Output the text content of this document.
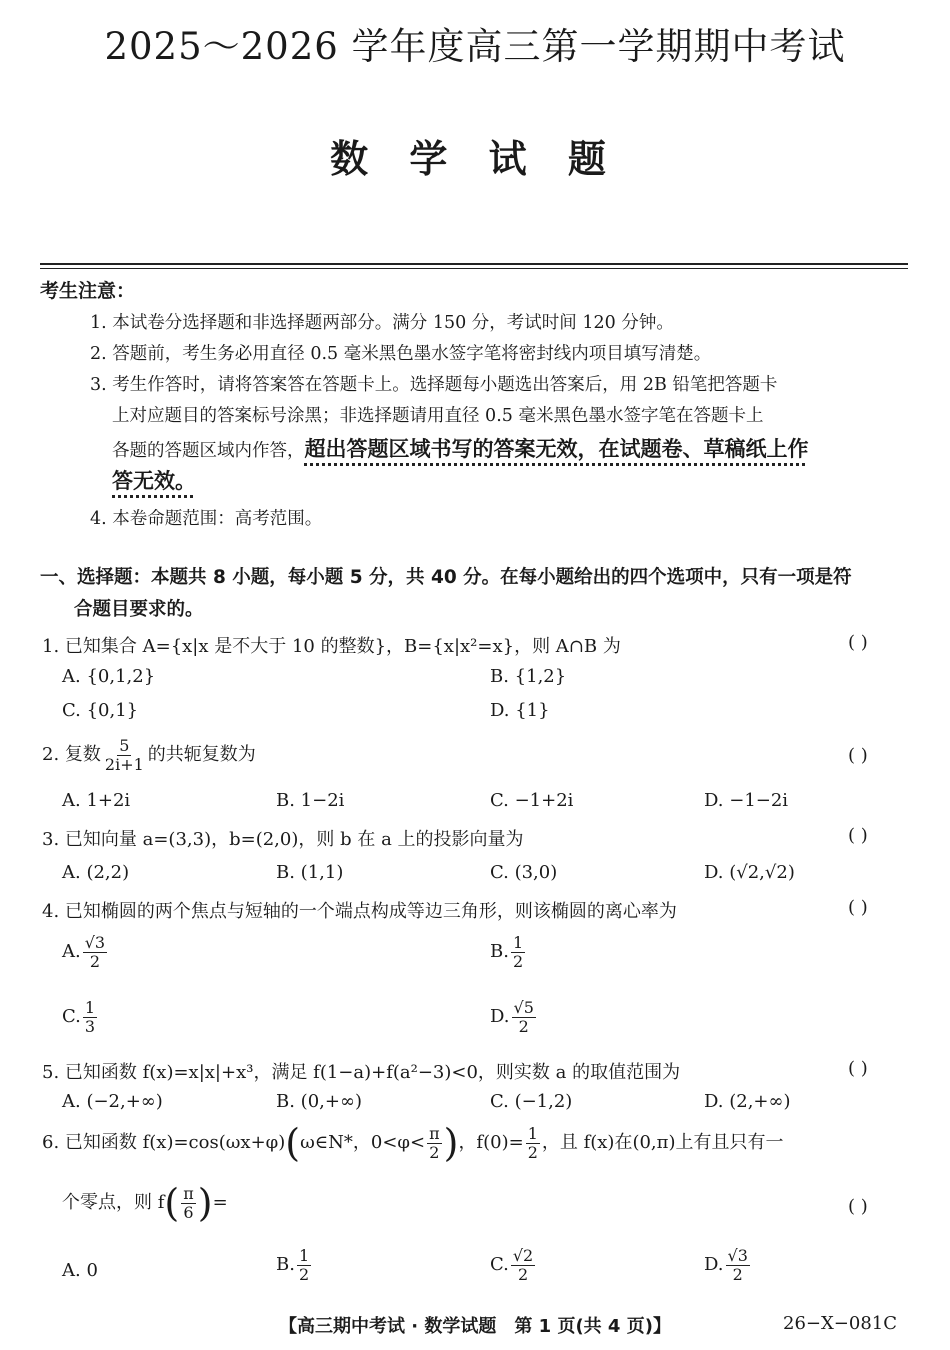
2025～2026 学年度高三第一学期期中考试
数 学 试 题
考生注意：
1. 本试卷分选择题和非选择题两部分。满分 150 分，考试时间 120 分钟。
2. 答题前，考生务必用直径 0.5 毫米黑色墨水签字笔将密封线内项目填写清楚。
3. 考生作答时，请将答案答在答题卡上。选择题每小题选出答案后，用 2B 铅笔把答题卡
上对应题目的答案标号涂黑；非选择题请用直径 0.5 毫米黑色墨水签字笔在答题卡上
各题的答题区域内作答，超出答题区域书写的答案无效，在试题卷、草稿纸上作
答无效。
4. 本卷命题范围：高考范围。
一、选择题：本题共 8 小题，每小题 5 分，共 40 分。在每小题给出的四个选项中，只有一项是符
合题目要求的。
1. 已知集合 A={x|x 是不大于 10 的整数}，B={x|x²=x}，则 A∩B 为	( )
A. {0,1,2}	B. {1,2}
C. {0,1}	D. {1}
2. 复数 $\frac{5}{2i+1}$ 的共轭复数为	( )
A. 1+2i	B. 1−2i	C. −1+2i	D. −1−2i
3. 已知向量 a=(3,3)，b=(2,0)，则 b 在 a 上的投影向量为	( )
A. (2,2)	B. (1,1)	C. (3,0)	D. (√2,√2)
4. 已知椭圆的两个焦点与短轴的一个端点构成等边三角形，则该椭圆的离心率为	( )
A. $\frac{√3}{2}$	B. $\frac{1}{2}$
C. $\frac{1}{3}$	D. $\frac{√5}{2}$
5. 已知函数 f(x)=x|x|+x³，满足 f(1−a)+f(a²−3)<0，则实数 a 的取值范围为	( )
A. (−2,+∞)	B. (0,+∞)	C. (−1,2)	D. (2,+∞)
6. 已知函数 f(x)=cos(ωx+φ)(ω∈N*，$0<\varphi< \frac{\pi}{2}$ )，$f(0)= \frac{1}{2}$ ，且 f(x)在(0,π)上有且只有一
个零点，则 $f( \frac{\pi}{6}$ )=	( )
A. 0	B. $\frac{1}{2}$	C. $\frac{√2}{2}$	D. $\frac{√3}{2}$
【高三期中考试 · 数学试题　第 1 页(共 4 页)】	26−X−081C
